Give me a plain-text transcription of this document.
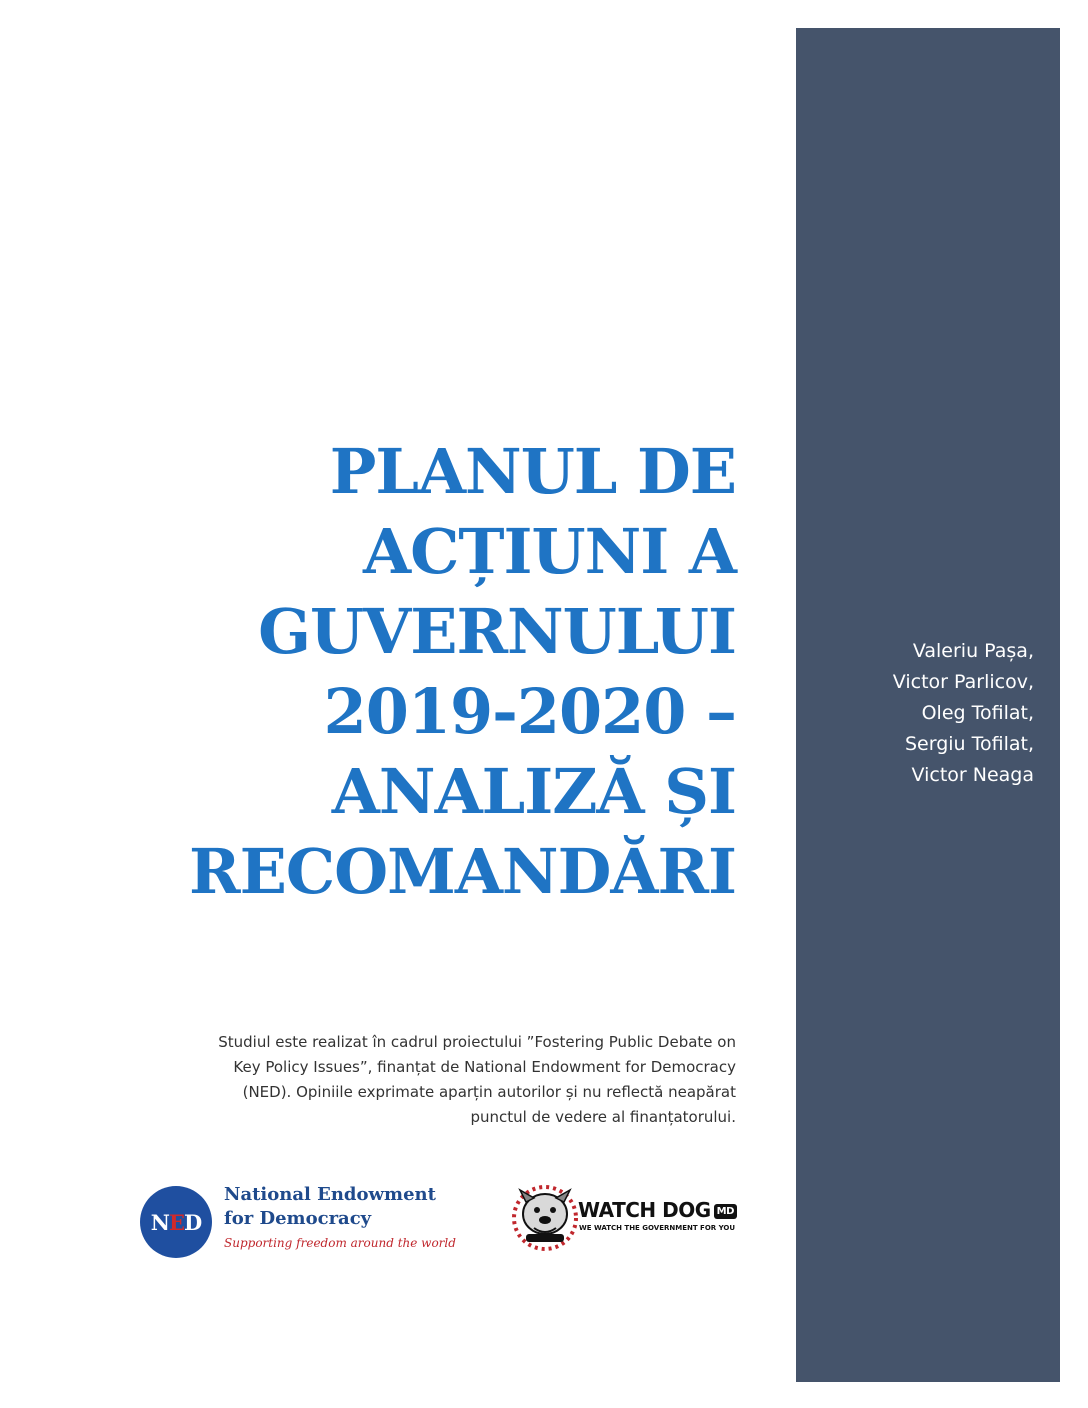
Valeriu Pașa,
Victor Parlicov,
Oleg Tofilat,
Sergiu Tofilat,
Victor Neaga
PLANUL DE
ACȚIUNI A
GUVERNULUI
2019-2020 –
ANALIZĂ ȘI
RECOMANDĂRI
Studiul este realizat în cadrul proiectului ”Fostering Public Debate on
Key Policy Issues”, finanțat de National Endowment for Democracy
(NED). Opiniile exprimate aparțin autorilor și nu reflectă neapărat
punctul de vedere al finanțatorului.
N E D
National Endowment
for Democracy
Supporting freedom around the world
WATCH DOG MD
WE WATCH THE GOVERNMENT FOR YOU
